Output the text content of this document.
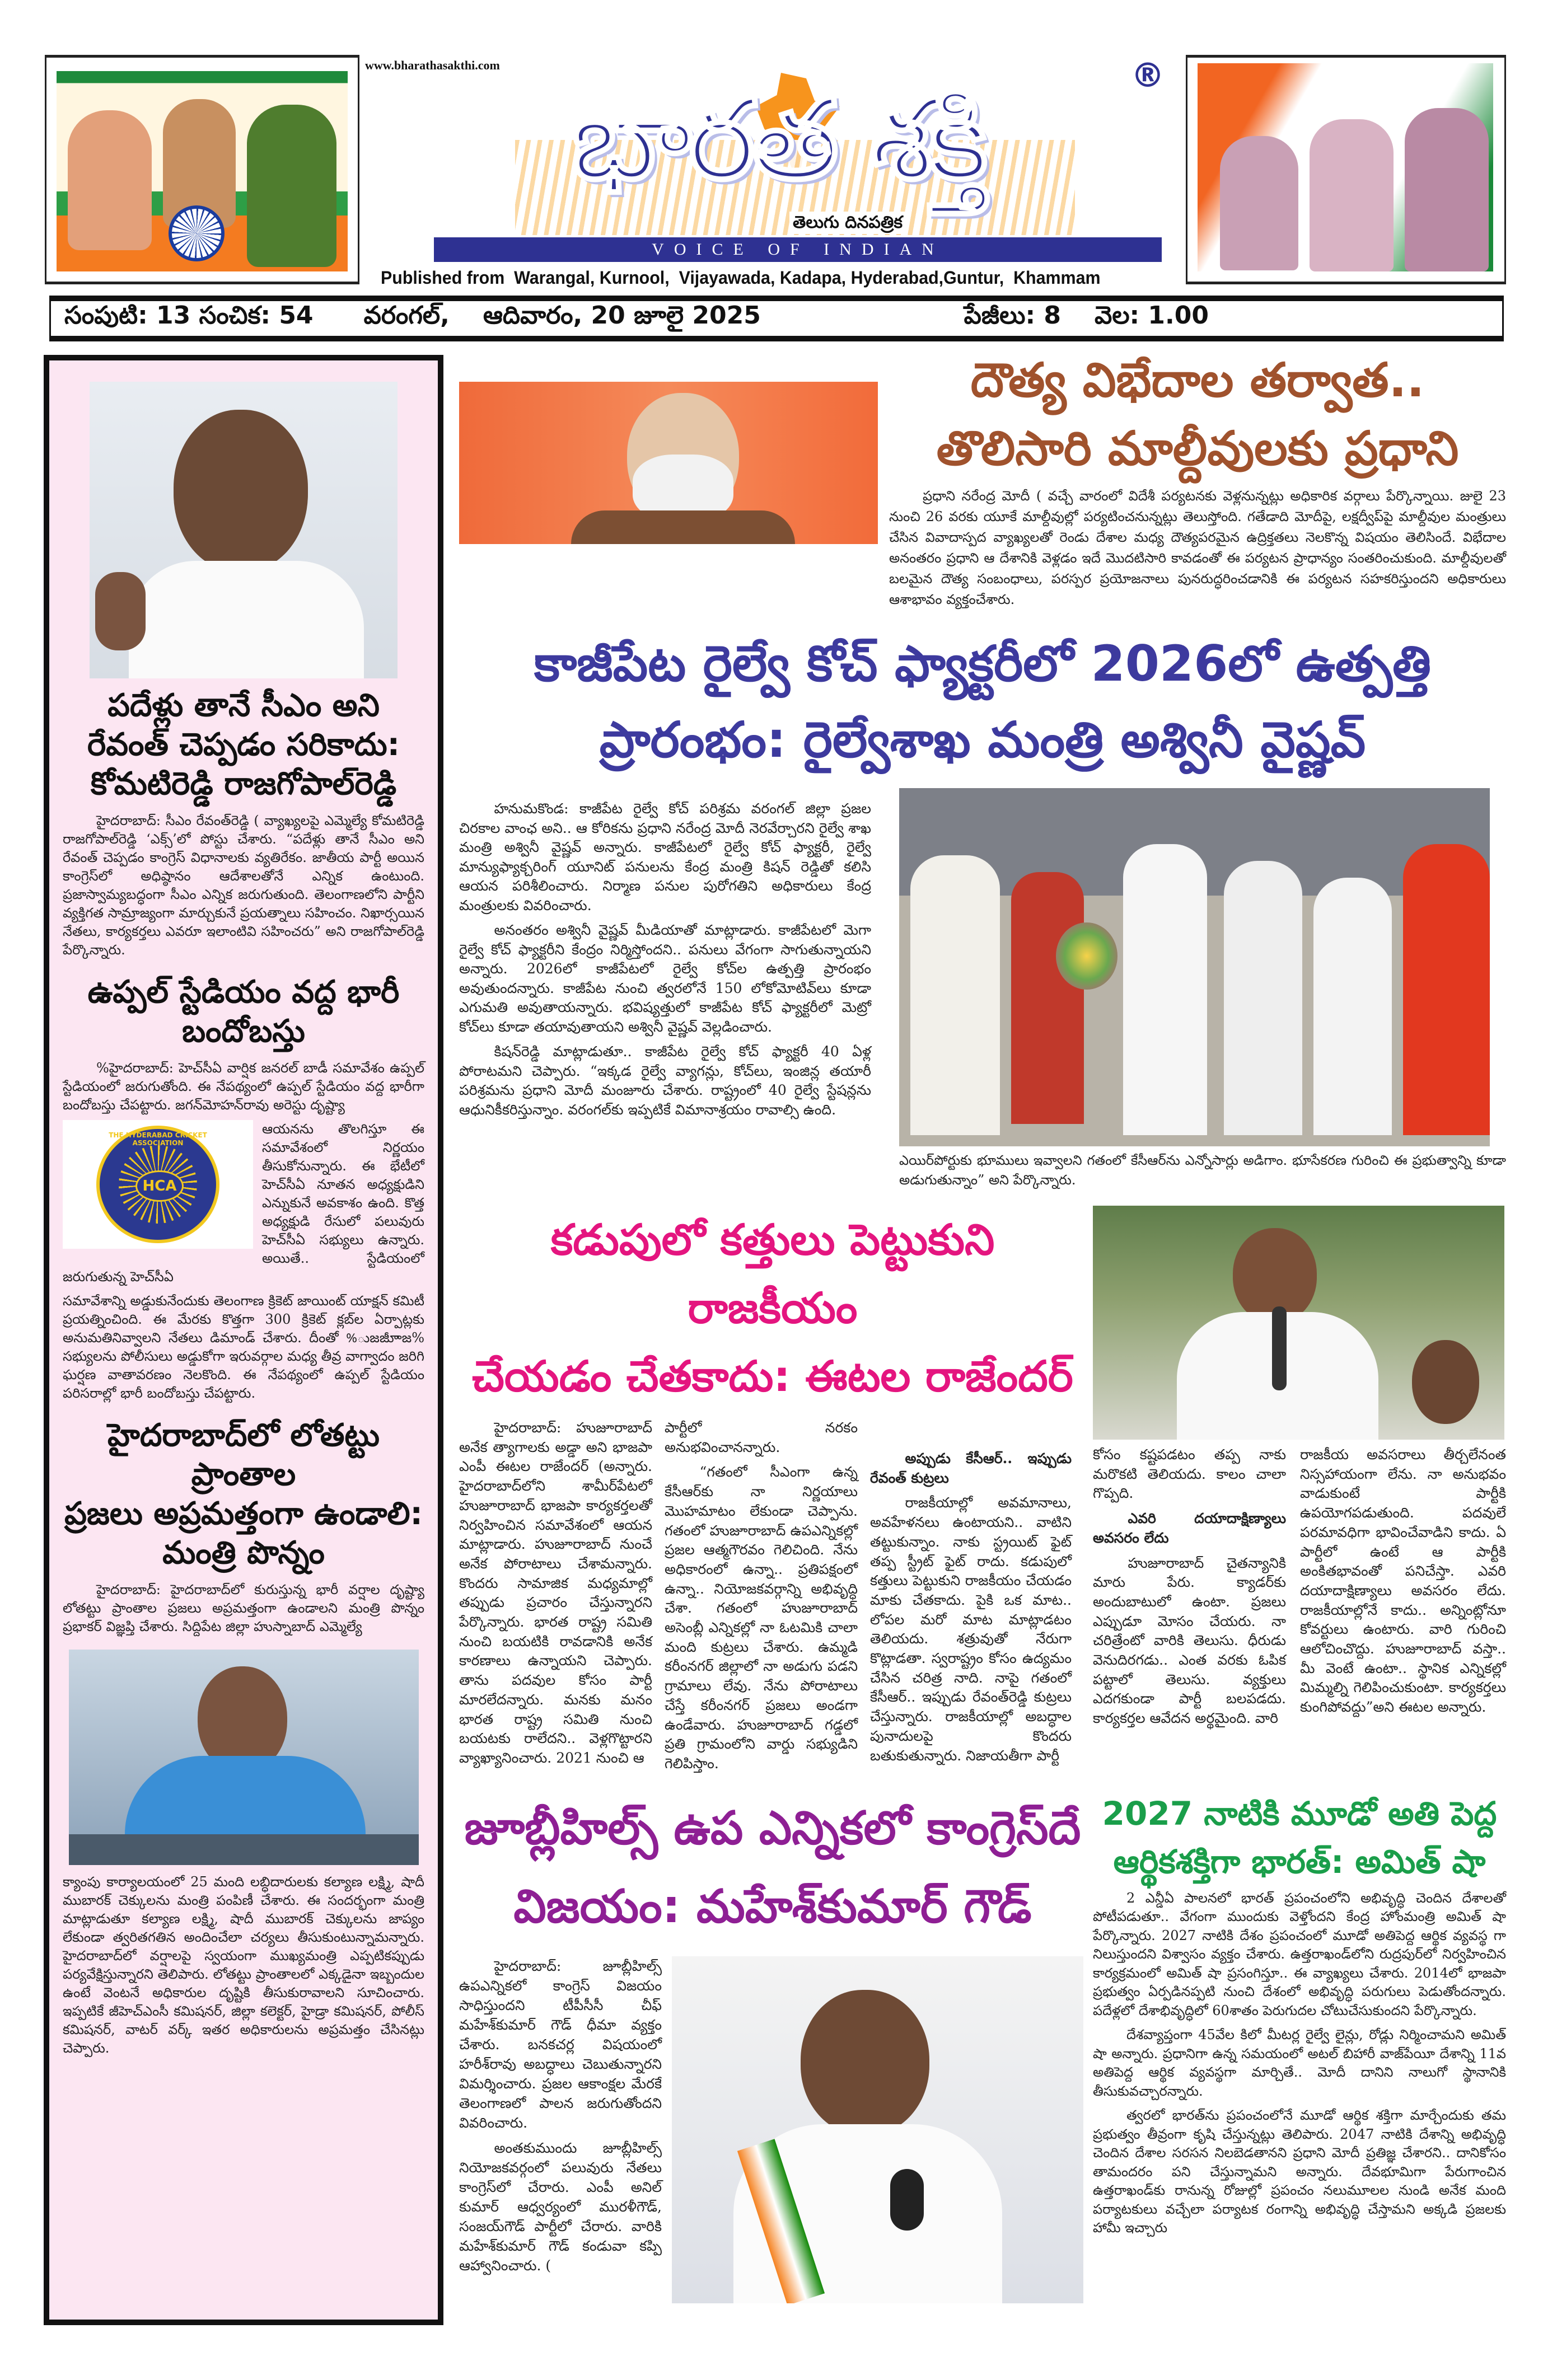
www.bharathasakthi.com
భారత శక్తి	®
తెలుగు దినపత్రిక
VOICE OF INDIAN
Published from  Warangal, Kurnool,  Vijayawada, Kadapa, Hyderabad,Guntur,  Khammam
సంపుటి: 13 సంచిక: 54 వరంగల్, ఆదివారం, 20 జూలై 2025	పేజీలు: 8 వెల: 1.00
పదేళ్లు తానే సీఎం అని
రేవంత్ చెప్పడం సరికాదు:
కోమటిరెడ్డి రాజగోపాల్‌రెడ్డి

హైదరాబాద్: సీఎం రేవంత్‌రెడ్డి ( వ్యాఖ్యలపై ఎమ్మెల్యే కోమటిరెడ్డి రాజగోపాల్‌రెడ్డి ‘ఎక్స్’లో పోస్టు చేశారు. “పదేళ్లు తానే సీఎం అని రేవంత్ చెప్పడం కాంగ్రెస్ విధానాలకు వ్యతిరేకం. జాతీయ పార్టీ అయిన కాంగ్రెస్‌లో అధిష్ఠానం ఆదేశాలతోనే ఎన్నిక ఉంటుంది. ప్రజాస్వామ్యబద్ధంగా సీఎం ఎన్నిక జరుగుతుంది. తెలంగాణలోని పార్టీని వ్యక్తిగత సామ్రాజ్యంగా మార్చుకునే ప్రయత్నాలు సహించం. నిఖార్సయిన నేతలు, కార్యకర్తలు ఎవరూ ఇలాంటివి సహించరు” అని రాజగోపాల్‌రెడ్డి పేర్కొన్నారు.

ఉప్పల్ స్టేడియం వద్ద భారీ
బందోబస్తు

%హైదరాబాద్: హెచ్‌సీఏ వార్షిక జనరల్ బాడీ సమావేశం ఉప్పల్ స్టేడియంలో జరుగుతోంది. ఈ నేపథ్యంలో ఉప్పల్ స్టేడియం వద్ద భారీగా బందోబస్తు చేపట్టారు. జగన్‌మోహన్‌రావు అరెస్టు దృష్ట్యా

HCA
THE HYDERABAD CRICKET ASSOCIATION

ఆయనను తొలగిస్తూ ఈ సమావేశంలో నిర్ణయం తీసుకోనున్నారు. ఈ భేటీలో హెచ్‌సీఏ నూతన అధ్యక్షుడిని ఎన్నుకునే అవకాశం ఉంది. కొత్త అధ్యక్షుడి రేసులో పలువురు హెచ్‌సీఏ సభ్యులు ఉన్నారు. అయితే.. స్టేడియంలో జరుగుతున్న హెచ్‌సీఏ

సమావేశాన్ని అడ్డుకునేందుకు తెలంగాణ క్రికెట్ జాయింట్ యాక్షన్ కమిటీ ప్రయత్నించింది. ఈ మేరకు కొత్తగా 300 క్రికెట్ క్లబ్‌ల ఏర్పాట్లకు అనుమతినివ్వాలని నేతలు డిమాండ్ చేశారు. దీంతో %ుజజీూాజ% సభ్యులను పోలీసులు అడ్డుకోగా ఇరువర్గాల మధ్య తీవ్ర వాగ్వాదం జరిగి ఘర్షణ వాతావరణం నెలకొంది. ఈ నేపథ్యంలో ఉప్పల్ స్టేడియం పరిసరాల్లో భారీ బందోబస్తు చేపట్టారు.

హైదరాబాద్‌లో లోతట్టు ప్రాంతాల
ప్రజలు అప్రమత్తంగా ఉండాలి:
మంత్రి పొన్నం

హైదరాబాద్: హైదరాబాద్‌లో కురుస్తున్న భారీ వర్షాల దృష్ట్యా లోతట్టు ప్రాంతాల ప్రజలు అప్రమత్తంగా ఉండాలని మంత్రి పొన్నం ప్రభాకర్ విజ్ఞప్తి చేశారు. సిద్దిపేట జిల్లా హుస్నాబాద్ ఎమ్మెల్యే

క్యాంపు కార్యాలయంలో 25 మంది లబ్ధిదారులకు కల్యాణ లక్ష్మి, షాదీ ముబారక్ చెక్కులను మంత్రి పంపిణీ చేశారు. ఈ సందర్భంగా మంత్రి మాట్లాడుతూ కల్యాణ లక్ష్మి, షాదీ ముబారక్ చెక్కులను జాప్యం లేకుండా త్వరితగతిన అందించేలా చర్యలు తీసుకుంటున్నామన్నారు. హైదరాబాద్‌లో వర్షాలపై స్వయంగా ముఖ్యమంత్రి ఎప్పటికప్పుడు పర్యవేక్షిస్తున్నారని తెలిపారు. లోతట్టు ప్రాంతాలలో ఎక్కడైనా ఇబ్బందుల ఉంటే వెంటనే అధికారుల దృష్టికి తీసుకురావాలని సూచించారు. ఇప్పటికే జీహెచ్‌ఎంసీ కమిషనర్, జిల్లా కలెక్టర్, హైడ్రా కమిషనర్, పోలీస్ కమిషనర్, వాటర్ వర్క్ ఇతర అధికారులను అప్రమత్తం చేసినట్లు చెప్పారు.

దౌత్య విభేదాల తర్వాత..
తొలిసారి మాల్దీవులకు ప్రధాని

ప్రధాని నరేంద్ర మోదీ ( వచ్చే వారంలో విదేశీ పర్యటనకు వెళ్లనున్నట్లు అధికారిక వర్గాలు పేర్కొన్నాయి. జులై 23 నుంచి 26 వరకు యూకే మాల్దీవుల్లో పర్యటించనున్నట్లు తెలుస్తోంది. గతేడాది మోదీపై, లక్షద్వీప్‌పై మాల్దీవుల మంత్రులు చేసిన వివాదాస్పద వ్యాఖ్యలతో రెండు దేశాల మధ్య దౌత్యపరమైన ఉద్రిక్తతలు నెలకొన్న విషయం తెలిసిందే. విభేదాల అనంతరం ప్రధాని ఆ దేశానికి వెళ్లడం ఇదే మొదటిసారి కావడంతో ఈ పర్యటన ప్రాధాన్యం సంతరించుకుంది. మాల్దీవులతో బలమైన దౌత్య సంబంధాలు, పరస్పర ప్రయోజనాలు పునరుద్ధరించడానికి ఈ పర్యటన సహకరిస్తుందని అధికారులు ఆశాభావం వ్యక్తంచేశారు.

కాజీపేట రైల్వే కోచ్ ఫ్యాక్టరీలో 2026లో ఉత్పత్తి
ప్రారంభం: రైల్వేశాఖ మంత్రి అశ్వినీ వైష్ణవ్

హనుమకొండ: కాజీపేట రైల్వే కోచ్ పరిశ్రమ వరంగల్ జిల్లా ప్రజల చిరకాల వాంఛ అని.. ఆ కోరికను ప్రధాని నరేంద్ర మోదీ నెరవేర్చారని రైల్వే శాఖ మంత్రి అశ్వినీ వైష్ణవ్ అన్నారు. కాజీపేటలో రైల్వే కోచ్ ఫ్యాక్టరీ, రైల్వే మాన్యుఫ్యాక్చరింగ్ యూనిట్ పనులను కేంద్ర మంత్రి కిషన్ రెడ్డితో కలిసి ఆయన పరిశీలించారు. నిర్మాణ పనుల పురోగతిని అధికారులు కేంద్ర మంత్రులకు వివరించారు.

అనంతరం అశ్వినీ వైష్ణవ్ మీడియాతో మాట్లాడారు. కాజీపేటలో మెగా రైల్వే కోచ్ ఫ్యాక్టరీని కేంద్రం నిర్మిస్తోందని.. పనులు వేగంగా సాగుతున్నాయని అన్నారు. 2026లో కాజీపేటలో రైల్వే కోచ్‌ల ఉత్పత్తి ప్రారంభం అవుతుందన్నారు. కాజీపేట నుంచి త్వరలోనే 150 లోకోమోటివ్‌లు కూడా ఎగుమతి అవుతాయన్నారు. భవిష్యత్తులో కాజీపేట కోచ్ ఫ్యాక్టరీలో మెట్రో కోచ్‌లు కూడా తయావుతాయని అశ్వినీ వైష్ణవ్ వెల్లడించారు.

కిషన్‌రెడ్డి మాట్లాడుతూ.. కాజీపేట రైల్వే కోచ్ ఫ్యాక్టరీ 40 ఏళ్ల పోరాటమని చెప్పారు. “ఇక్కడ రైల్వే వ్యాగన్లు, కోచ్‌లు, ఇంజిన్ల తయారీ పరిశ్రమను ప్రధాని మోదీ మంజూరు చేశారు. రాష్ట్రంలో 40 రైల్వే స్టేషన్లను ఆధునికీకరిస్తున్నాం. వరంగల్‌కు ఇప్పటికే విమానాశ్రయం రావాల్సి ఉంది.

ఎయిర్‌పోర్టుకు భూములు ఇవ్వాలని గతంలో కేసీఆర్‌ను ఎన్నోసార్లు అడిగాం. భూసేకరణ గురించి ఈ ప్రభుత్వాన్ని కూడా అడుగుతున్నాం” అని పేర్కొన్నారు.

కడుపులో కత్తులు పెట్టుకుని రాజకీయం
చేయడం చేతకాదు: ఈటల రాజేందర్

హైదరాబాద్: హుజూరాబాద్ అనేక త్యాగాలకు అడ్డా అని భాజపా ఎంపీ ఈటల రాజేందర్ (అన్నారు. హైదరాబాద్‌లోని శామీర్‌పేటలో హుజూరాబాద్ భాజపా కార్యకర్తలతో నిర్వహించిన సమావేశంలో ఆయన మాట్లాడారు. హుజూరాబాద్ నుంచే అనేక పోరాటాలు చేశామన్నారు. కొందరు సామాజిక మధ్యమాల్లో తప్పుడు ప్రచారం చేస్తున్నారని పేర్కొన్నారు. భారత రాష్ట్ర సమితి నుంచి బయటికి రావడానికి అనేక కారణాలు ఉన్నాయని చెప్పారు. తాను పదవుల కోసం పార్టీ మారలేదన్నారు. మనకు మనం భారత రాష్ట్ర సమితి నుంచి బయటకు రాలేదని.. వెళ్లగొట్టారని వ్యాఖ్యానించారు. 2021 నుంచి ఆ

పార్టీలో నరకం అనుభవించానన్నారు.

“గతంలో సీఎంగా ఉన్న కేసీఆర్‌కు నా నిర్ణయాలు మొహమాటం లేకుండా చెప్పాను. గతంలో హుజూరాబాద్ ఉపఎన్నికల్లో ప్రజల ఆత్మగౌరవం గెలిచింది. నేను అధికారంలో ఉన్నా.. ప్రతిపక్షంలో ఉన్నా.. నియోజకవర్గాన్ని అభివృద్ధి చేశా. గతంలో హుజూరాబాద్ అసెంబ్లీ ఎన్నికల్లో నా ఓటమికి చాలా మంది కుట్రలు చేశారు. ఉమ్మడి కరీంనగర్ జిల్లాలో నా అడుగు పడని గ్రామాలు లేవు. నేను పోరాటాలు చేస్తే కరీంనగర్ ప్రజలు అండగా ఉండేవారు. హుజూరాబాద్ గడ్డలో ప్రతి గ్రామంలోని వార్డు సభ్యుడిని గెలిపిస్తాం.

అప్పుడు కేసీఆర్.. ఇప్పుడు రేవంత్ కుట్రలు

రాజకీయాల్లో అవమానాలు, అవహేళనలు ఉంటాయని.. వాటిని తట్టుకున్నాం. నాకు స్ట్రయిట్ ఫైట్ తప్ప స్ట్రీట్ ఫైట్ రాదు. కడుపులో కత్తులు పెట్టుకుని రాజకీయం చేయడం మాకు చేతకాదు. పైకి ఒక మాట.. లోపల మరో మాట మాట్లాడటం తెలియదు. శత్రువుతో నేరుగా కొట్లాడతా. స్వరాష్ట్రం కోసం ఉద్యమం చేసిన చరిత్ర నాది. నాపై గతంలో కేసీఆర్.. ఇప్పుడు రేవంత్‌రెడ్డి కుట్రలు చేస్తున్నారు. రాజకీయాల్లో అబద్ధాల పునాదులపై కొందరు బతుకుతున్నారు. నిజాయతీగా పార్టీ

కోసం కష్టపడటం తప్ప నాకు మరొకటి తెలియదు. కాలం చాలా గొప్పది.

ఎవరి దయాదాక్షిణ్యాలు అవసరం లేదు

హుజూరాబాద్ చైతన్యానికి మారు పేరు. క్యాడర్‌కు అందుబాటులో ఉంటా. ప్రజలు ఎప్పుడూ మోసం చేయరు. నా చరిత్రేంటో వారికి తెలుసు. ధీరుడు వెనుదిరగడు.. ఎంత వరకు ఓపిక పట్టాలో తెలుసు. వ్యక్తులు ఎదగకుండా పార్టీ బలపడదు. కార్యకర్తల ఆవేదన అర్థమైంది. వారి

రాజకీయ అవసరాలు తీర్చలేనంత నిస్సహాయంగా లేను. నా అనుభవం వాడుకుంటే పార్టీకి ఉపయోగపడుతుంది. పదవులే పరమావధిగా భావించేవాడిని కాదు. ఏ పార్టీలో ఉంటే ఆ పార్టీకి అంకితభావంతో పనిచేస్తా. ఎవరి దయాదాక్షిణ్యాలు అవసరం లేదు. రాజకీయాల్లోనే కాదు.. అన్నింట్లోనూ కోవర్టులు ఉంటారు. వారి గురించి ఆలోచించొద్దు. హుజూరాబాద్ వస్తా.. మీ వెంటే ఉంటా.. స్థానిక ఎన్నికల్లో మిమ్మల్ని గెలిపించుకుంటా. కార్యకర్తలు కుంగిపోవద్దు”అని ఈటల అన్నారు.

జూబ్లీహిల్స్ ఉప ఎన్నికలో కాంగ్రెస్‌దే
విజయం: మహేశ్‌కుమార్ గౌడ్

హైదరాబాద్: జూబ్లీహిల్స్ ఉపఎన్నికలో కాంగ్రెస్ విజయం సాధిస్తుందని టీపీసీసీ చీఫ్ మహేశ్‌కుమార్ గౌడ్ ధీమా వ్యక్తం చేశారు. బనకచర్ల విషయంలో హరీశ్‌రావు అబద్ధాలు చెబుతున్నారని విమర్శించారు. ప్రజల ఆకాంక్షల మేరకే తెలంగాణలో పాలన జరుగుతోందని వివరించారు.

అంతకుముందు జూబ్లీహిల్స్ నియోజకవర్గంలో పలువురు నేతలు కాంగ్రెస్‌లో చేరారు. ఎంపీ అనిల్ కుమార్ ఆధ్వర్యంలో మురళీగౌడ్, సంజయ్‌గౌడ్ పార్టీలో చేరారు. వారికి మహేశ్‌కుమార్ గౌడ్ కండువా కప్పి ఆహ్వానించారు. (

2027 నాటికి మూడో అతి పెద్ద
ఆర్థికశక్తిగా భారత్: అమిత్ షా

2 ఎన్డీఏ పాలనలో భారత్ ప్రపంచంలోని అభివృద్ధి చెందిన దేశాలతో పోటీపడుతూ.. వేగంగా ముందుకు వెళ్తోందని కేంద్ర హోంమంత్రి అమిత్ షా పేర్కొన్నారు. 2027 నాటికి దేశం ప్రపంచంలో మూడో అతిపెద్ద ఆర్థిక వ్యవస్థ గా నిలుస్తుందని విశ్వాసం వ్యక్తం చేశారు. ఉత్తరాఖండ్‌లోని రుద్రపుర్‌లో నిర్వహించిన కార్యక్రమంలో అమిత్ షా ప్రసంగిస్తూ.. ఈ వ్యాఖ్యలు చేశారు. 2014లో భాజపా ప్రభుత్వం ఏర్పడినప్పటి నుంచి దేశంలో అభివృద్ధి పరుగులు పెడుతోందన్నారు. పదేళ్లలో దేశాభివృద్ధిలో 60శాతం పెరుగుదల చోటుచేసుకుందని పేర్కొన్నారు.

దేశవ్యాప్తంగా 45వేల కిలో మీటర్ల రైల్వే లైన్లు, రోడ్లు నిర్మించామని అమిత్ షా అన్నారు. ప్రధానిగా ఉన్న సమయంలో అటల్ బిహారీ వాజ్‌పేయీ దేశాన్ని 11వ అతిపెద్ద ఆర్థిక వ్యవస్థగా మార్చితే.. మోదీ దానిని నాలుగో స్థానానికి తీసుకువచ్చారన్నారు.

త్వరలో భారత్‌ను ప్రపంచంలోనే మూడో ఆర్థిక శక్తిగా మార్చేందుకు తమ ప్రభుత్వం తీవ్రంగా కృషి చేస్తున్నట్లు తెలిపారు. 2047 నాటికి దేశాన్ని అభివృద్ధి చెందిన దేశాల సరసన నిలబెడతానని ప్రధాని మోదీ ప్రతిజ్ఞ చేశారని.. దానికోసం తామందరం పని చేస్తున్నామని అన్నారు. దేవభూమిగా పేరుగాంచిన ఉత్తరాఖండ్‌కు రానున్న రోజుల్లో ప్రపంచం నలుమూలల నుండి అనేక మంది పర్యాటకులు వచ్చేలా పర్యాటక రంగాన్ని అభివృద్ధి చేస్తామని అక్కడి ప్రజలకు హామీ ఇచ్చారు
